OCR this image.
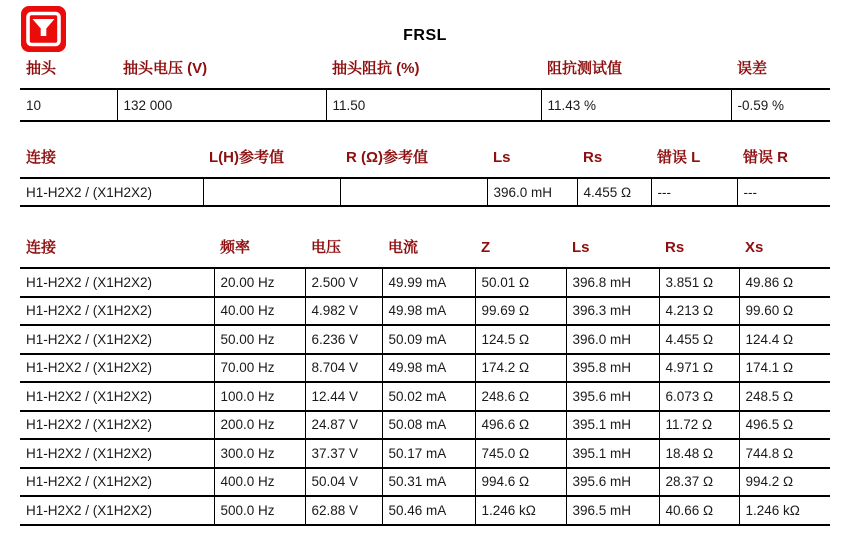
FRSL
抽头	抽头电压 (V)	抽头阻抗 (%)	阻抗测试值	误差
10	132 000	11.50	11.43 %	-0.59 %
连接	L(H)参考值	R (Ω)参考值	Ls	Rs	错误 L	错误 R
H1-H2X2 / (X1H2X2)			396.0 mH	4.455 Ω	---	---
连接	频率	电压	电流	Z	Ls	Rs	Xs
H1-H2X2 / (X1H2X2)	20.00 Hz	2.500 V	49.99 mA	50.01 Ω	396.8 mH	3.851 Ω	49.86 Ω
H1-H2X2 / (X1H2X2)	40.00 Hz	4.982 V	49.98 mA	99.69 Ω	396.3 mH	4.213 Ω	99.60 Ω
H1-H2X2 / (X1H2X2)	50.00 Hz	6.236 V	50.09 mA	124.5 Ω	396.0 mH	4.455 Ω	124.4 Ω
H1-H2X2 / (X1H2X2)	70.00 Hz	8.704 V	49.98 mA	174.2 Ω	395.8 mH	4.971 Ω	174.1 Ω
H1-H2X2 / (X1H2X2)	100.0 Hz	12.44 V	50.02 mA	248.6 Ω	395.6 mH	6.073 Ω	248.5 Ω
H1-H2X2 / (X1H2X2)	200.0 Hz	24.87 V	50.08 mA	496.6 Ω	395.1 mH	11.72 Ω	496.5 Ω
H1-H2X2 / (X1H2X2)	300.0 Hz	37.37 V	50.17 mA	745.0 Ω	395.1 mH	18.48 Ω	744.8 Ω
H1-H2X2 / (X1H2X2)	400.0 Hz	50.04 V	50.31 mA	994.6 Ω	395.6 mH	28.37 Ω	994.2 Ω
H1-H2X2 / (X1H2X2)	500.0 Hz	62.88 V	50.46 mA	1.246 kΩ	396.5 mH	40.66 Ω	1.246 kΩ
